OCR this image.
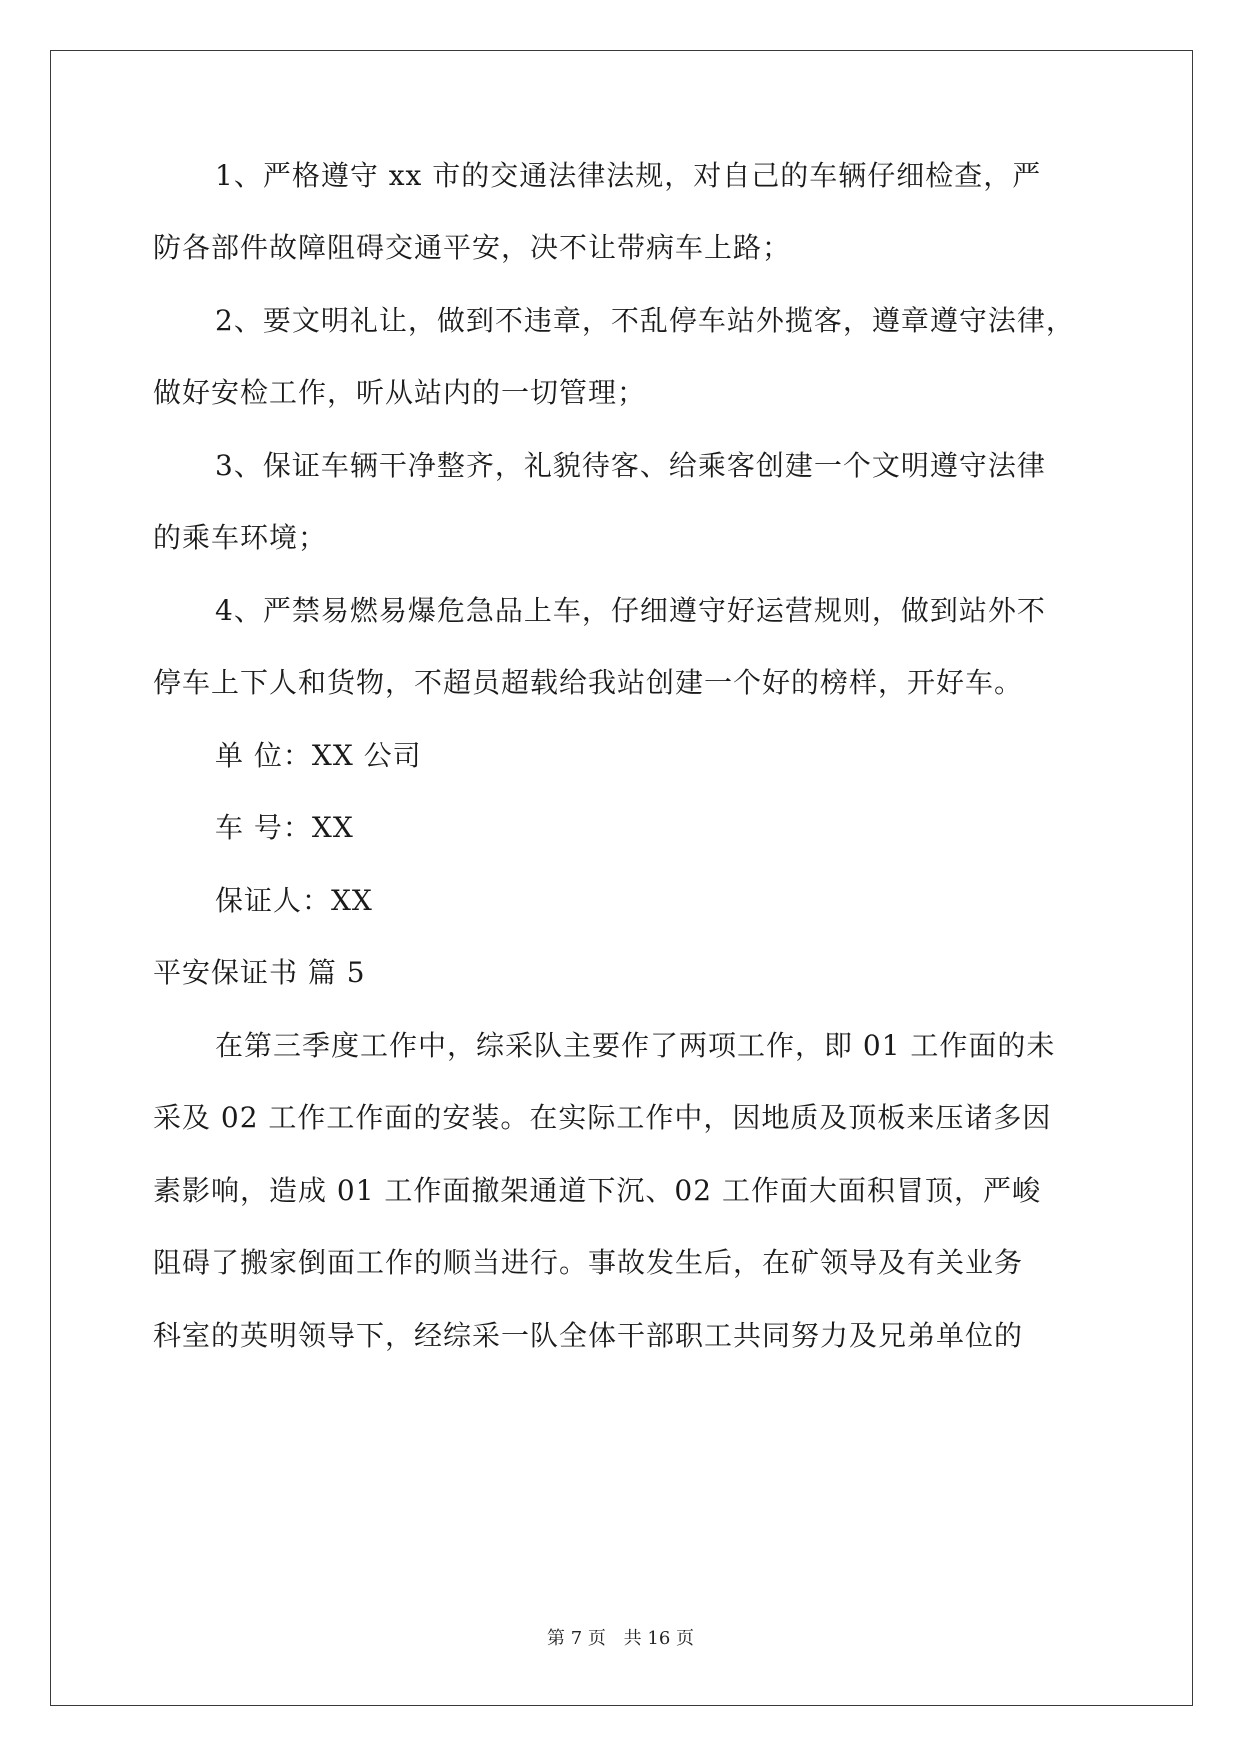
1、严格遵守 xx 市的交通法律法规，对自己的车辆仔细检查，严
防各部件故障阻碍交通平安，决不让带病车上路；
2、要文明礼让，做到不违章，不乱停车站外揽客，遵章遵守法律，
做好安检工作，听从站内的一切管理；
3、保证车辆干净整齐，礼貌待客、给乘客创建一个文明遵守法律
的乘车环境；
4、严禁易燃易爆危急品上车，仔细遵守好运营规则，做到站外不
停车上下人和货物，不超员超载给我站创建一个好的榜样，开好车。
单 位：XX 公司
车 号：XX
保证人：XX
平安保证书 篇 5
在第三季度工作中，综采队主要作了两项工作，即 01 工作面的未
采及 02 工作工作面的安装。在实际工作中，因地质及顶板来压诸多因
素影响，造成 01 工作面撤架通道下沉、02 工作面大面积冒顶，严峻
阻碍了搬家倒面工作的顺当进行。事故发生后，在矿领导及有关业务
科室的英明领导下，经综采一队全体干部职工共同努力及兄弟单位的
第 7 页 共 16 页
